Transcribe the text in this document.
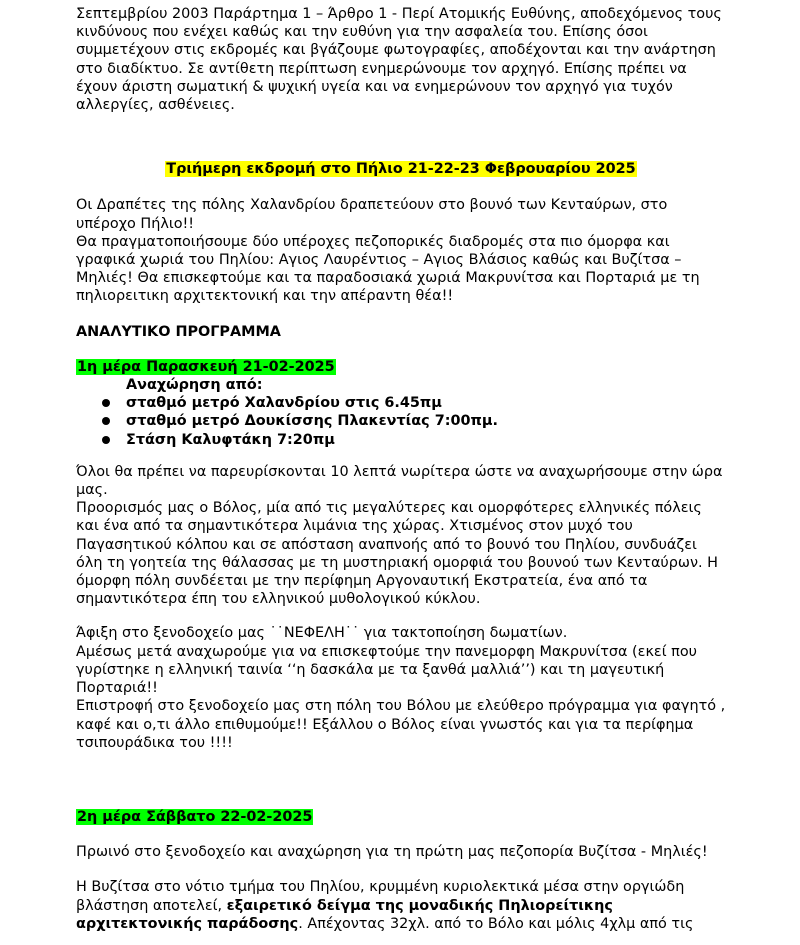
Σεπτεμβρίου 2003 Παράρτημα 1 – Άρθρο 1 - Περί Ατομικής Ευθύνης, αποδεχόμενος τους κινδύνους που ενέχει καθώς και την ευθύνη για την ασφαλεία του. Επίσης όσοι συμμετέχουν στις εκδρομές και βγάζουμε φωτογραφίες, αποδέχονται και την ανάρτηση στο διαδίκτυο. Σε αντίθετη περίπτωση ενημερώνουμε τον αρχηγό. Επίσης πρέπει να έχουν άριστη σωματική & ψυχική υγεία και να ενημερώνουν τον αρχηγό για τυχόν αλλεργίες, ασθένειες.

Τριήμερη εκδρομή στο Πήλιο 21-22-23 Φεβρουαρίου 2025

Οι Δραπέτες της πόλης Χαλανδρίου δραπετεύουν στο βουνό των Κενταύρων, στο υπέροχο Πήλιο!!
Θα πραγματοποιήσουμε δύο υπέροχες πεζοπορικές διαδρομές στα πιο όμορφα και γραφικά χωριά του Πηλίου: Αγιος Λαυρέντιος – Αγιος Βλάσιος καθώς και Βυζίτσα – Μηλιές! Θα επισκεφτούμε και τα παραδοσιακά χωριά Μακρυνίτσα και Πορταριά με τη πηλιορειτικη αρχιτεκτονική και την απέραντη θέα!!

ΑΝΑΛΥΤΙΚΟ ΠΡΟΓΡΑΜΜΑ

1η μέρα Παρασκευή 21-02-2025

Αναχώρηση από:

σταθμό μετρό Χαλανδρίου στις 6.45πμ
σταθμό μετρό Δουκίσσης Πλακεντίας 7:00πμ.
Στάση Καλυφτάκη 7:20πμ

Όλοι θα πρέπει να παρευρίσκονται 10 λεπτά νωρίτερα ώστε να αναχωρήσουμε στην ώρα μας.
Προορισμός μας ο Βόλος, μία από τις μεγαλύτερες και ομορφότερες ελληνικές πόλεις και ένα από τα σημαντικότερα λιμάνια της χώρας. Χτισμένος στον μυχό του Παγασητικού κόλπου και σε απόσταση αναπνοής από το βουνό του Πηλίου, συνδυάζει όλη τη γοητεία της θάλασσας με τη μυστηριακή ομορφιά του βουνού των Κενταύρων. Η όμορφη πόλη συνδέεται με την περίφημη Αργοναυτική Εκστρατεία, ένα από τα σημαντικότερα έπη του ελληνικού μυθολογικού κύκλου.

Άφιξη στο ξενοδοχείο μας ˙˙ΝΕΦΕΛΗ˙˙ για τακτοποίηση δωματίων.
Αμέσως μετά αναχωρούμε για να επισκεφτούμε την πανεμορφη Μακρυνίτσα (εκεί που γυρίστηκε η ελληνική ταινία ‘‘η δασκάλα με τα ξανθά μαλλιά’’) και τη μαγευτική Πορταριά!!
Επιστροφή στο ξενοδοχείο μας στη πόλη του Βόλου με ελεύθερο πρόγραμμα για φαγητό , καφέ και ο,τι άλλο επιθυμούμε!! Εξάλλου ο Βόλος είναι γνωστός και για τα περίφημα τσιπουράδικα του !!!!

2η μέρα Σάββατο 22-02-2025

Πρωινό στο ξενοδοχείο και αναχώρηση για τη πρώτη μας πεζοπορία Βυζίτσα - Μηλιές!

Η Βυζίτσα στο νότιο τμήμα του Πηλίου, κρυμμένη κυριολεκτικά μέσα στην οργιώδη βλάστηση αποτελεί, εξαιρετικό δείγμα της μοναδικής Πηλιορείτικης αρχιτεκτονικής παράδοσης. Απέχοντας 32χλ. από το Βόλο και μόλις 4χλμ από τις
